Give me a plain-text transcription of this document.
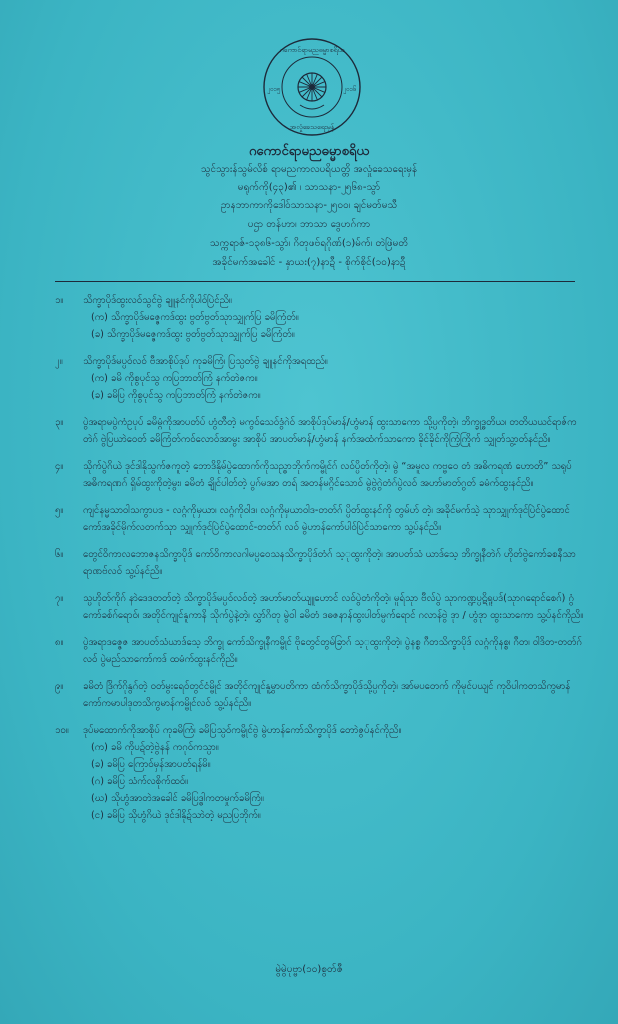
ဂကောင်ရာမညဓမ္မာစရိယ
အလှုံခေသရေးမှန်
၂၀၁၅	၂၀၁၆
ဂကောင်ရာမညဓမ္မာစရိယ
သွင်သွားန်သွမ်လိစ် ရာမညကာလပရိယတ္တိ အလှုံခေသရေးမှန်
မရုက်ကို(၄၃)၏ ၊ သာသနာ-၂၅၆၈-သွာ်
ဥာနဘာကာကိုဒေါဝ်သာသနာ-၂၅၀၀၊ ချင်မတ်မသီ
ပဌာ တန်ဟာ၊ ဘာသာ ဒွေဟဂ်ကာ
သက္ကရာဇ်-၁၃၈၆-သွာ်၊ ဂိတုဖဗ်ရဂိုဏ်(၁)မ်က်၊ တဲဖြဲမတိ
အခိုင်မက်အခေါင် - နှာယး(၇)နာဍီ - စိုက်စိုင်(၁၀)နာဍီ
၁။	သိက္ခာပိုဒ်ထွးလဝ်သွင်ဗွဲ ချူနင်ကိုပါဝ်ပြဲင်ညိ။
(က) သိက္ခာပိုဒ်မဇ္ဇေကဒ်ထွး ဗွတ်ဗွတ်သုာသျှုက်ပြ ခမိကြံတ်။
(ခ) သိက္ခာပိုဒ်မဇ္ဇေကဒ်ထွး ဗွတ်ဗွတ်သုာသျှုက်ပြ ခမိကြံတ်။
၂။	သိက္ခာပိုဒ်မပ္ပဝ်လဝ် ဗီအာစိုပ်ဒုပ် ကုခမိကြံ၊ ပြသ္ပတ်ဗွဲ ချူနင်ကိုအရထည်။
(က) ခမိ ကိုစွပုင်သွ ကပြဘာတ်ကြံ နက်တဲဇက။
(ခ) ခမိပြ ကိုစွပုင်သွ ကပြဘာတ်ကြံ နက်တဲဇက။
၃။	ပွဲအရာမပွဲကံဥပုပ် ခမိမ္ဂံကိုအာပတ်ပ် ဟွံတီတဲ့ မကွဝ်သေဝ်ဒွံဂဲဝ် အာစိုပ်ဒုပ်မာန်/ဟွံမာန် ထွးသာကော သို့ပ္ပကိုတဲ့၊ ဘိက္ခုဒ္ဓတိယ၊ တတိယယင်ရာဇ်ကတဲဂ် ဗွဲပြယာဲဝေတ် ခမိကြံတ်ကဝ်လောဝ်အာမွး အာစိုပ် အာပတ်မာန်/ဟွံမာန် နက်အထံက်သာကော ခိုင်ခိုင်ကိုကြံ့ကြိုက် သျှုတ်သွ့ာတ်နင်ညိ။
၄။	သိုက်ပွဲဂိယဲ ဒုင်ဒါနိုသွက်ဇကူတဲ့ ဘောဒိနိုမ်ပွဲထောက်ကိုသည္ဓာဘိုက်ကမ္ဗိုင်ဂ် လဝ်ပ္ပိတ်ကိုတဲ့၊ မွဲ “အမူလ ကဗ္ဗဝေ တံ အဓိကရဏံ ဟောတိ” သရုပ်အဓိကရဏဂ် ရှိမ်ထွးကိုတဲ့မွး၊ ခမိတံ ချိုင်ပါတ်တဲ့ ပွဂ်မအာ တရ် အတန်မဂ္ဂိင်သောဝ် မွဲဗွဲဂွဲတံဂ်ပွဲလဝ် အဟာ်မာတ်ဂွတ် ခမံက်ထွးနင်ညိ။
၅။	ကျင်နမ္မသာဝါသကွာပဒ - လဂ္ဂံကိုမှယာ၊ လဂ္ဂံကိုဝါဒ၊ လဂ္ဂံကိုမှယာဝါဒ-တတ်ဂ် ပ္ပိတ်ထွးနင်ကို တွမ်ဟ် တဲ့၊ အခိုင်မက်သဲ့ သုာသျှုက်ဒုင်ပြဲင်ပွဲထောင် ကော်အခိုင်မိုက်လတက်သုာ သျှုက်ဒုင်ပြဲင်ပွဲထောင်-တတ်ဂ် လဝ် မွဲဟာန်ကော်ပါဝ်ပြဲင်သာကော သွ့ပ်နင်ညိ။
၆။	တွေင်ဝိကာလဘောဇနသိက္ခာပိုဒ် ကော်ဝိကာလဂါမပ္ပဝေသနသိက္ခာပိုဒ်တံဂ် သ့ုထွးကိုတဲ့၊ အာပတ်သံ ယာဒ်သေ့ ဘိက္ခုနီတဲဂ် ဟိုတ်ဗွဲကော်ခစနီသာရာဏဗ်လဝ် သွ့ပ်နင်ညိ။
၇။	သ္ပဟိုတ်ကိုဂ် နာဲဒေဒတတ်တဲ့ သိက္ခာပိုဒ်မပ္ပဝ်လဝ်တဲ့ အဟာ်မာတ်ယျူဟောင် လဝ်ပွဲတံကိုတဲ့၊ မူရ်သုာ ဗီလ်ပွဲ သုာကဏ္ဍပ္ပဋိရူပဒ်(သုာဂရောင်စေဂ်) ဂွံကော်ခစ်ဂ်ရောဝ်၊ အတိုင်ကျုင်နူကာနိ သိုက်ပွဲနဲ့တဲ့၊ လွှာ်ဂိတု မွဲဝါ ခမိတံ ဒဓဇနာန်ထွးပါတ်မ္ပက်ရောင် ဂလာန်ဗွဲ ဒုာ / ဟွံဒုာ ထွးသာကော သွ့ပ်နင်ကိုညိ။
၈။	ပွဲအရာဒဇ္ဇေဇ အာပတ်သံယာဒ်သေ့ ဘိက္ခု ကော်သိက္ခုနီကမ္ဗိုင် ဗိုတွေင်တွမ်ခြာဂ် သ့ုထွးကိုတဲ့၊ ပွဲနစ္စ ဂီတသိက္ခာပိုဒ် လဂ္ဂံကိုနစ္စ၊ ဂီတ၊ ဝါဒိတ-တတ်ဂ်လဝ် ပွဲမည်သာကော်ကဒ် ထမံက်ထွးနင်ကိုညိ။
၉။	ခမိတံ ဒြိက်ဂိုနွဂ်တဲ့ ဝတ်မွးရေဝ်တွင်ငံမ္ဗိုင် အတိုင်ကျုင်နူမွှာပတိကာ ထံက်သိက္ခာပိုဒ်သို့ပ္ပကိုတဲ့၊ အာ်မပတေက် ကိုမုင်ပယျင် ကုဝိပါကတသိကွမာန် ကော်ကမာပါဒုတသိကွမာန်ကမ္ဗိုင်လဝ် သွ့ပ်နင်ညိ။
၁၀။	ဒုပ်မထောက်ကိုအာစိုပ် ကုခမိကြံ၊ ခမိပြသ္ပဝ်ကမ္ဗိုင်ဗွဲ မွဲဟာန်ကော်သိက္ခာပိုဒ် တောဲဇွပ်နင်ကိုညိ။
(က) ခမိ ကိုပဍ်တဲ့ဗွဲနန် ကဂုဝ်ကသ္ပာ။
(ခ) ခမိပြ ကြောဝ်မှန်အာပတ်ရန်မိ။
(ဂ) ခမိပြ သံက်လစိုက်ထဝ်။
(ဃ) သိုဟွံအာတဲအခေါင် ခမိပြဒ္ဓါကတမှုက်ခမိကြံ။
(င) ခမိပြ သိုဟွံဂိယဲ ဒုင်ဒါနိုဍ်သာဲတဲ့ မညပြဘိုက်။
မွဲမွဲပုဗ္ဗာ(၁၀)စွတ်ဇီ
